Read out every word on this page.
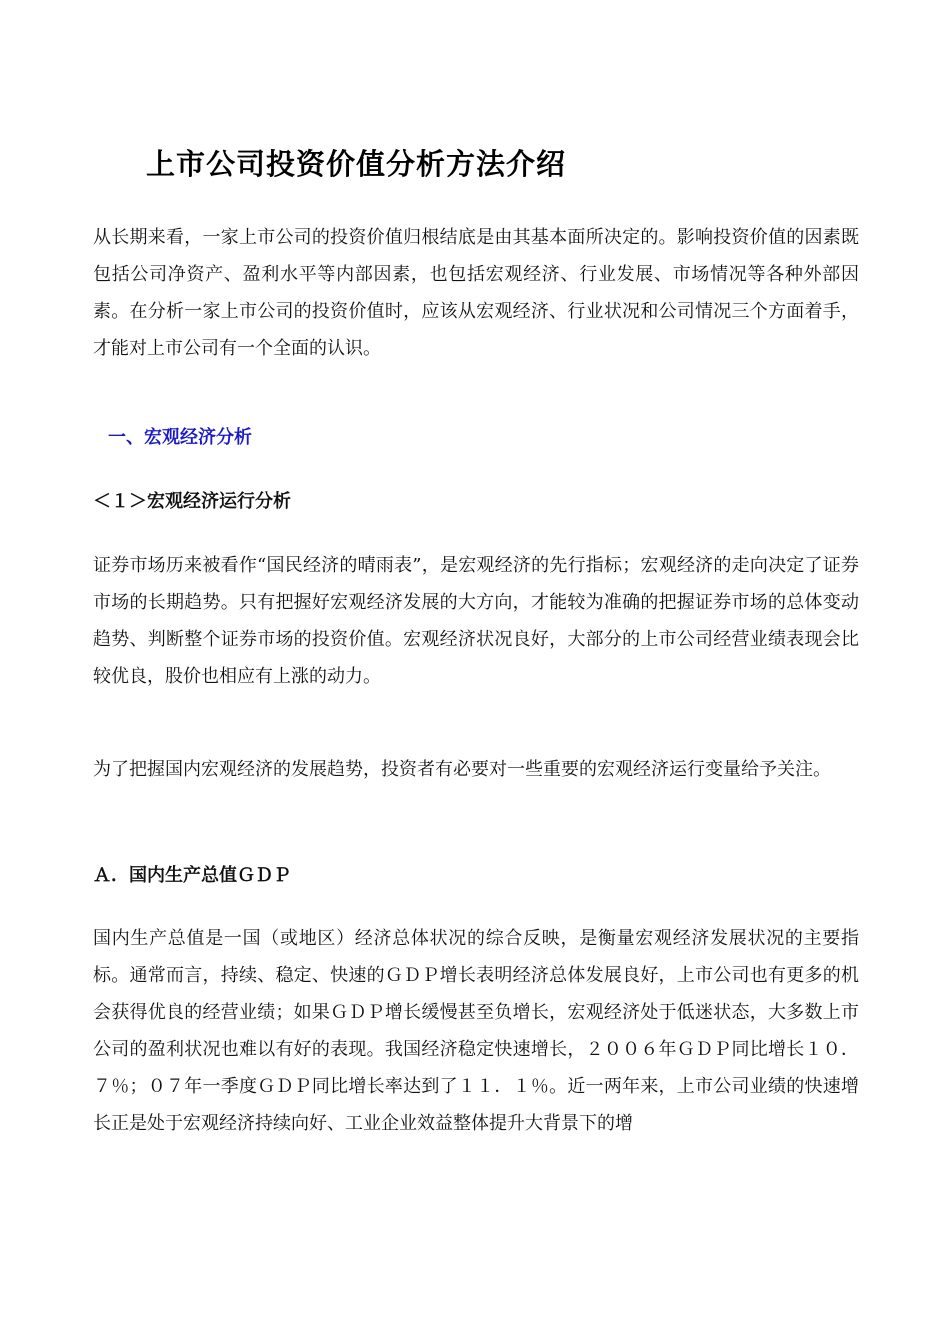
上市公司投资价值分析方法介绍

从长期来看，一家上市公司的投资价值归根结底是由其基本面所决定的。影响投资价值的因素既包括公司净资产、盈利水平等内部因素，也包括宏观经济、行业发展、市场情况等各种外部因素。在分析一家上市公司的投资价值时，应该从宏观经济、行业状况和公司情况三个方面着手，才能对上市公司有一个全面的认识。

一、宏观经济分析
＜１＞宏观经济运行分析

证券市场历来被看作“国民经济的晴雨表”，是宏观经济的先行指标；宏观经济的走向决定了证券市场的长期趋势。只有把握好宏观经济发展的大方向，才能较为准确的把握证券市场的总体变动趋势、判断整个证券市场的投资价值。宏观经济状况良好，大部分的上市公司经营业绩表现会比较优良，股价也相应有上涨的动力。

为了把握国内宏观经济的发展趋势，投资者有必要对一些重要的宏观经济运行变量给予关注。

Ａ．国内生产总值ＧＤＰ

国内生产总值是一国（或地区）经济总体状况的综合反映，是衡量宏观经济发展状况的主要指标。通常而言，持续、稳定、快速的ＧＤＰ增长表明经济总体发展良好，上市公司也有更多的机会获得优良的经营业绩；如果ＧＤＰ增长缓慢甚至负增长，宏观经济处于低迷状态，大多数上市公司的盈利状况也难以有好的表现。我国经济稳定快速增长，２００６年ＧＤＰ同比增长１０．７％；０７年一季度ＧＤＰ同比增长率达到了１１．１％。近一两年来，上市公司业绩的快速增长正是处于宏观经济持续向好、工业企业效益整体提升大背景下的增
